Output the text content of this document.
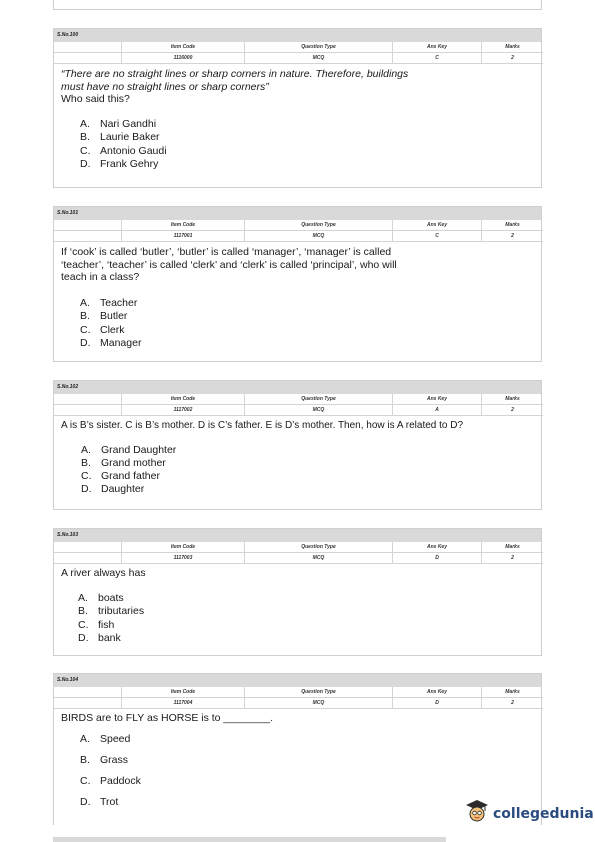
S.No.100
Item Code	Question Type	Ans Key	Marks
1116000	MCQ	C	2
“There are no straight lines or sharp corners in nature. Therefore, buildings
must have no straight lines or sharp corners”
Who said this?
A. Nari Gandhi
B. Laurie Baker
C. Antonio Gaudi
D. Frank Gehry
S.No.101
Item Code	Question Type	Ans Key	Marks
1117001	MCQ	C	2
If ‘cook’ is called ‘butler’, ‘butler’ is called ‘manager’, ‘manager’ is called
‘teacher’, ‘teacher’ is called ‘clerk’ and ‘clerk’ is called ‘principal’, who will
teach in a class?
A. Teacher
B. Butler
C. Clerk
D. Manager
S.No.102
Item Code	Question Type	Ans Key	Marks
1117002	MCQ	A	2
A is B’s sister. C is B’s mother. D is C’s father. E is D’s mother. Then, how is A related to D?
A. Grand Daughter
B. Grand mother
C. Grand father
D. Daughter
S.No.103
Item Code	Question Type	Ans Key	Marks
1117003	MCQ	D	2
A river always has
A. boats
B. tributaries
C. fish
D. bank
S.No.104
Item Code	Question Type	Ans Key	Marks
1117004	MCQ	D	2
BIRDS are to FLY as HORSE is to ________.
A. Speed
B. Grass
C. Paddock
D. Trot
collegedunia
